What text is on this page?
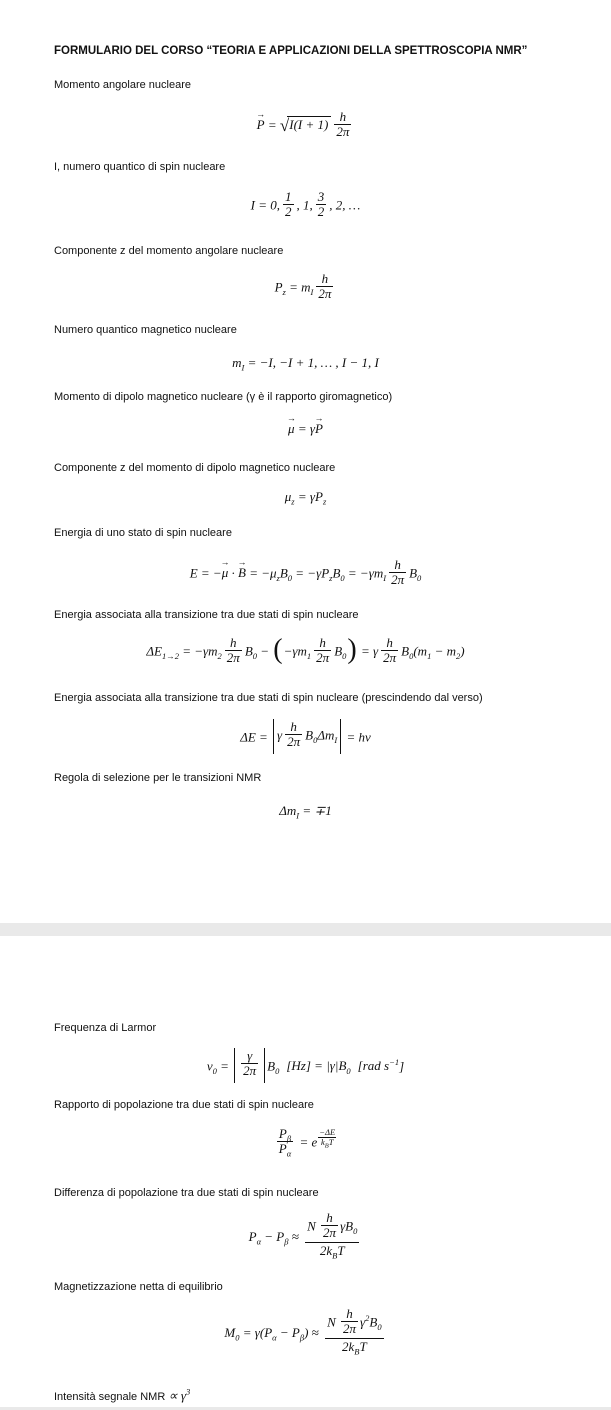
FORMULARIO DEL CORSO “TEORIA E APPLICAZIONI DELLA SPETTROSCOPIA NMR”
Momento angolare nucleare
→
$P = √I(I + 1) \frac{h}{2\pi}$
I, numero quantico di spin nucleare
I = 0, $\frac{1}{2}$ , 1, $\frac{3}{2}$ , 2, …
Componente z del momento angolare nucleare
$P_z = m_I \frac{h}{2\pi}$
Numero quantico magnetico nucleare
$m_I = -I$, −I + 1, … , I − 1, I
Momento di dipolo magnetico nucleare (γ è il rapporto giromagnetico)
→
μ = γ
→
P
Componente z del momento di dipolo magnetico nucleare
$\mu_z = \gamma P_z$
Energia di uno stato di spin nucleare
E = −
→
μ ·
→
$B = -\mu_zB_0 = -\gamma P_zB_0 = -\gamma m_I \frac{h}{2\pi} B_0$
Energia associata alla transizione tra due stati di spin nucleare
$\Delta E_{1\to 2} = -\gamma m_2 \frac{h}{2\pi} B_0 - (-\gamma m_1 \frac{h}{2\pi} B_0) = \gamma \frac{h}{2\pi} B_0(m_1 - m_2)$
Energia associata alla transizione tra due stati di spin nucleare (prescindendo dal verso)
ΔE = γ $\frac{h}{2\pi} B_0\Delta m_I = h\nu$
Regola di selezione per le transizioni NMR
$\Delta m_I = \mp 1$
Frequenza di Larmor
$\nu_0 = \frac{\gamma}{2\pi} B_0$ $[Hz] = |\gamma|B_0$ [rad $s^{-1}$]
Rapporto di popolazione tra due stati di spin nucleare
$\frac{P_\beta}{P_\alpha} = e \frac{-\Delta E}{k_BT}$
Differenza di popolazione tra due stati di spin nucleare
$P_\alpha - P_\beta \approx \frac{N \frac{h}{2\pi} \gamma B_0}{2k_BT}$
Magnetizzazione netta di equilibrio
$M_0 = \gamma(P_\alpha - P_\beta) \approx \frac{N \frac{h}{2\pi} \gamma^2B_0}{2k_BT}$
Intensità segnale NMR ∝ $\gamma^3$
